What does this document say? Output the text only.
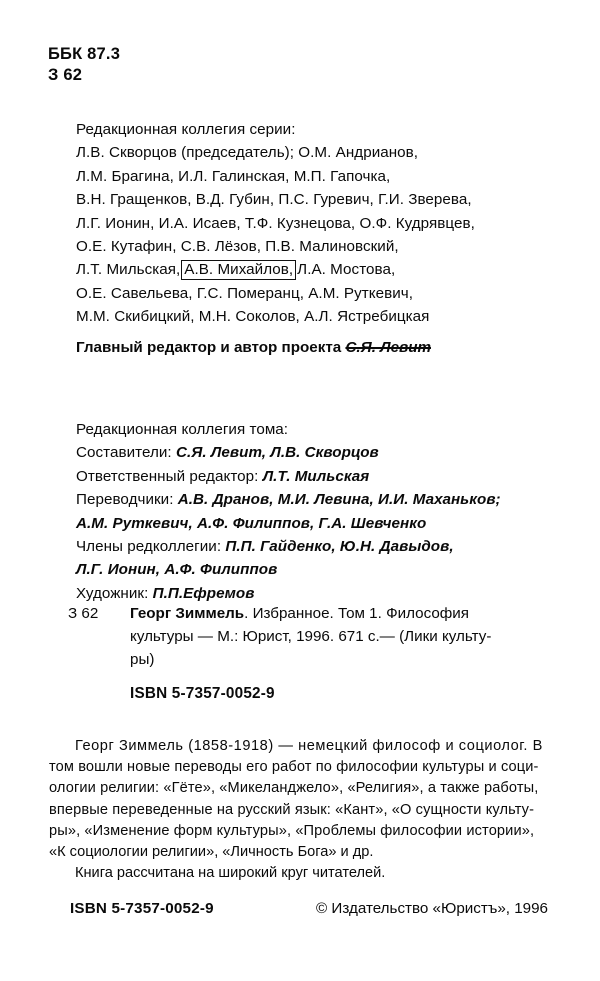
ББК 87.3
З 62
Редакционная коллегия серии:
Л.В. Скворцов (председатель); О.М. Андрианов,
Л.М. Брагина, И.Л. Галинская, М.П. Гапочка,
В.Н. Гращенков, В.Д. Губин, П.С. Гуревич, Г.И. Зверева,
Л.Г. Ионин, И.А. Исаев, Т.Ф. Кузнецова, О.Ф. Кудрявцев,
О.Е. Кутафин, С.В. Лёзов, П.В. Малиновский,
Л.Т. Мильская, А.В. Михайлов, Л.А. Мостова,
О.Е. Савельева, Г.С. Померанц, А.М. Руткевич,
М.М. Скибицкий, М.Н. Соколов, А.Л. Ястребицкая
Главный редактор и автор проекта С.Я. Левит
Редакционная коллегия тома:
Составители: С.Я. Левит, Л.В. Скворцов
Ответственный редактор: Л.Т. Мильская
Переводчики: А.В. Дранов, М.И. Левина, И.И. Маханьков;
А.М. Руткевич, А.Ф. Филиппов, Г.А. Шевченко
Члены редколлегии: П.П. Гайденко, Ю.Н. Давыдов,
Л.Г. Ионин, А.Ф. Филиппов
Художник: П.П.Ефремов
З 62 Георг Зиммель. Избранное. Том 1. Философия
культуры — М.: Юрист, 1996. 671 с.— (Лики культу-
ры)
ISBN 5-7357-0052-9
Георг Зиммель (1858-1918) — немецкий философ и социолог. В
том вошли новые переводы его работ по философии культуры и соци-
ологии религии: «Гёте», «Микеланджело», «Религия», а также работы,
впервые переведенные на русский язык: «Кант», «О сущности культу-
ры», «Изменение форм культуры», «Проблемы философии истории»,
«К социологии религии», «Личность Бога» и др.
Книга рассчитана на широкий круг читателей.
ISBN 5-7357-0052-9	© Издательство «Юристъ», 1996
